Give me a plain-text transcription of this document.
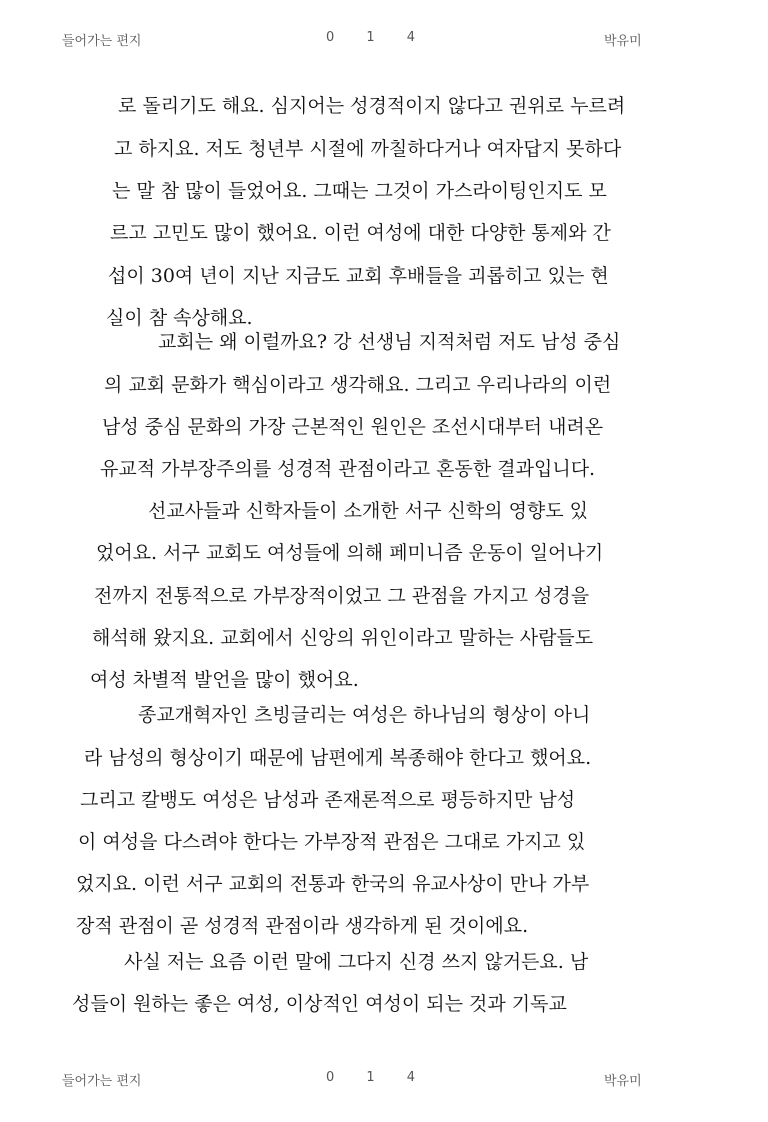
들어가는 편지	0 1 4	박유미
로 돌리기도 해요. 심지어는 성경적이지 않다고 권위로 누르려
고 하지요. 저도 청년부 시절에 까칠하다거나 여자답지 못하다
는 말 참 많이 들었어요. 그때는 그것이 가스라이팅인지도 모
르고 고민도 많이 했어요. 이런 여성에 대한 다양한 통제와 간
섭이 30여 년이 지난 지금도 교회 후배들을 괴롭히고 있는 현
실이 참 속상해요.
교회는 왜 이럴까요? 강 선생님 지적처럼 저도 남성 중심
의 교회 문화가 핵심이라고 생각해요. 그리고 우리나라의 이런
남성 중심 문화의 가장 근본적인 원인은 조선시대부터 내려온
유교적 가부장주의를 성경적 관점이라고 혼동한 결과입니다.
선교사들과 신학자들이 소개한 서구 신학의 영향도 있
었어요. 서구 교회도 여성들에 의해 페미니즘 운동이 일어나기
전까지 전통적으로 가부장적이었고 그 관점을 가지고 성경을
해석해 왔지요. 교회에서 신앙의 위인이라고 말하는 사람들도
여성 차별적 발언을 많이 했어요.
종교개혁자인 츠빙글리는 여성은 하나님의 형상이 아니
라 남성의 형상이기 때문에 남편에게 복종해야 한다고 했어요.
그리고 칼뱅도 여성은 남성과 존재론적으로 평등하지만 남성
이 여성을 다스려야 한다는 가부장적 관점은 그대로 가지고 있
었지요. 이런 서구 교회의 전통과 한국의 유교사상이 만나 가부
장적 관점이 곧 성경적 관점이라 생각하게 된 것이에요.
사실 저는 요즘 이런 말에 그다지 신경 쓰지 않거든요. 남
성들이 원하는 좋은 여성, 이상적인 여성이 되는 것과 기독교
들어가는 편지	0 1 4	박유미
